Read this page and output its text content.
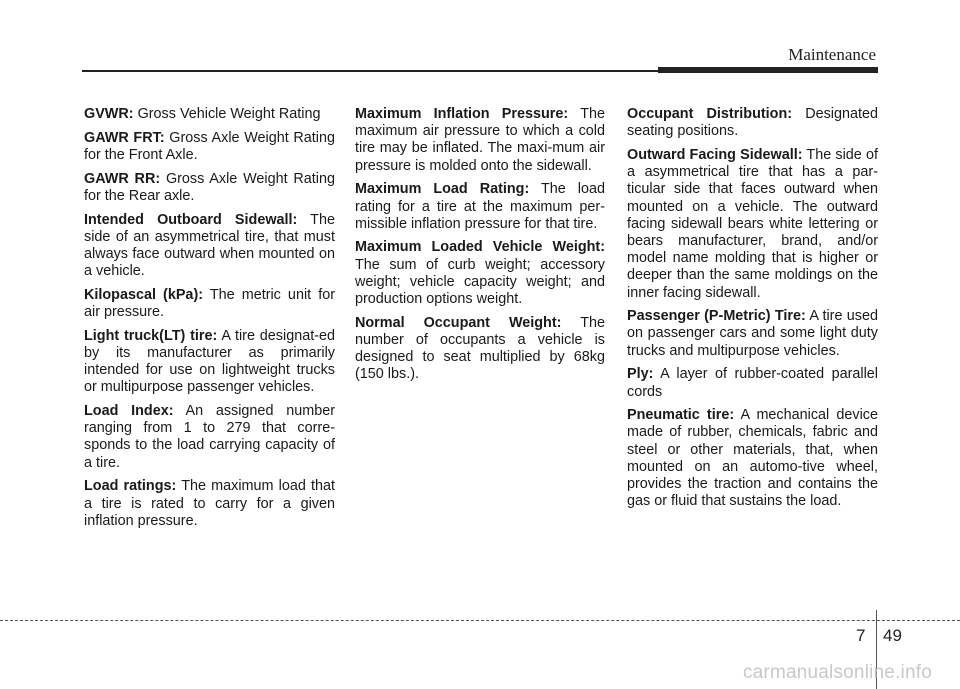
Maintenance

GVWR: Gross Vehicle Weight Rating

GAWR FRT: Gross Axle Weight Rating for the Front Axle.

GAWR RR: Gross Axle Weight Rating for the Rear axle.

Intended Outboard Sidewall: The side of an asymmetrical tire, that must always face outward when mounted on a vehicle.

Kilopascal (kPa): The metric unit for air pressure.

Light truck(LT) tire: A tire designat-ed by its manufacturer as primarily intended for use on lightweight trucks or multipurpose passenger vehicles.

Load Index: An assigned number ranging from 1 to 279 that corre-sponds to the load carrying capacity of a tire.

Load ratings: The maximum load that a tire is rated to carry for a given inflation pressure.

Maximum Inflation Pressure: The maximum air pressure to which a cold tire may be inflated. The maxi-mum air pressure is molded onto the sidewall.

Maximum Load Rating: The load rating for a tire at the maximum per-missible inflation pressure for that tire.

Maximum Loaded Vehicle Weight: The sum of curb weight; accessory weight; vehicle capacity weight; and production options weight.

Normal Occupant Weight: The number of occupants a vehicle is designed to seat multiplied by 68kg (150 lbs.).

Occupant Distribution: Designated seating positions.

Outward Facing Sidewall: The side of a asymmetrical tire that has a par-ticular side that faces outward when mounted on a vehicle. The outward facing sidewall bears white lettering or bears manufacturer, brand, and/or model name molding that is higher or deeper than the same moldings on the inner facing sidewall.

Passenger (P-Metric) Tire: A tire used on passenger cars and some light duty trucks and multipurpose vehicles.

Ply: A layer of rubber-coated parallel cords

Pneumatic tire: A mechanical device made of rubber, chemicals, fabric and steel or other materials, that, when mounted on an automo-tive wheel, provides the traction and contains the gas or fluid that sustains the load.

7 49
carmanualsonline.info
